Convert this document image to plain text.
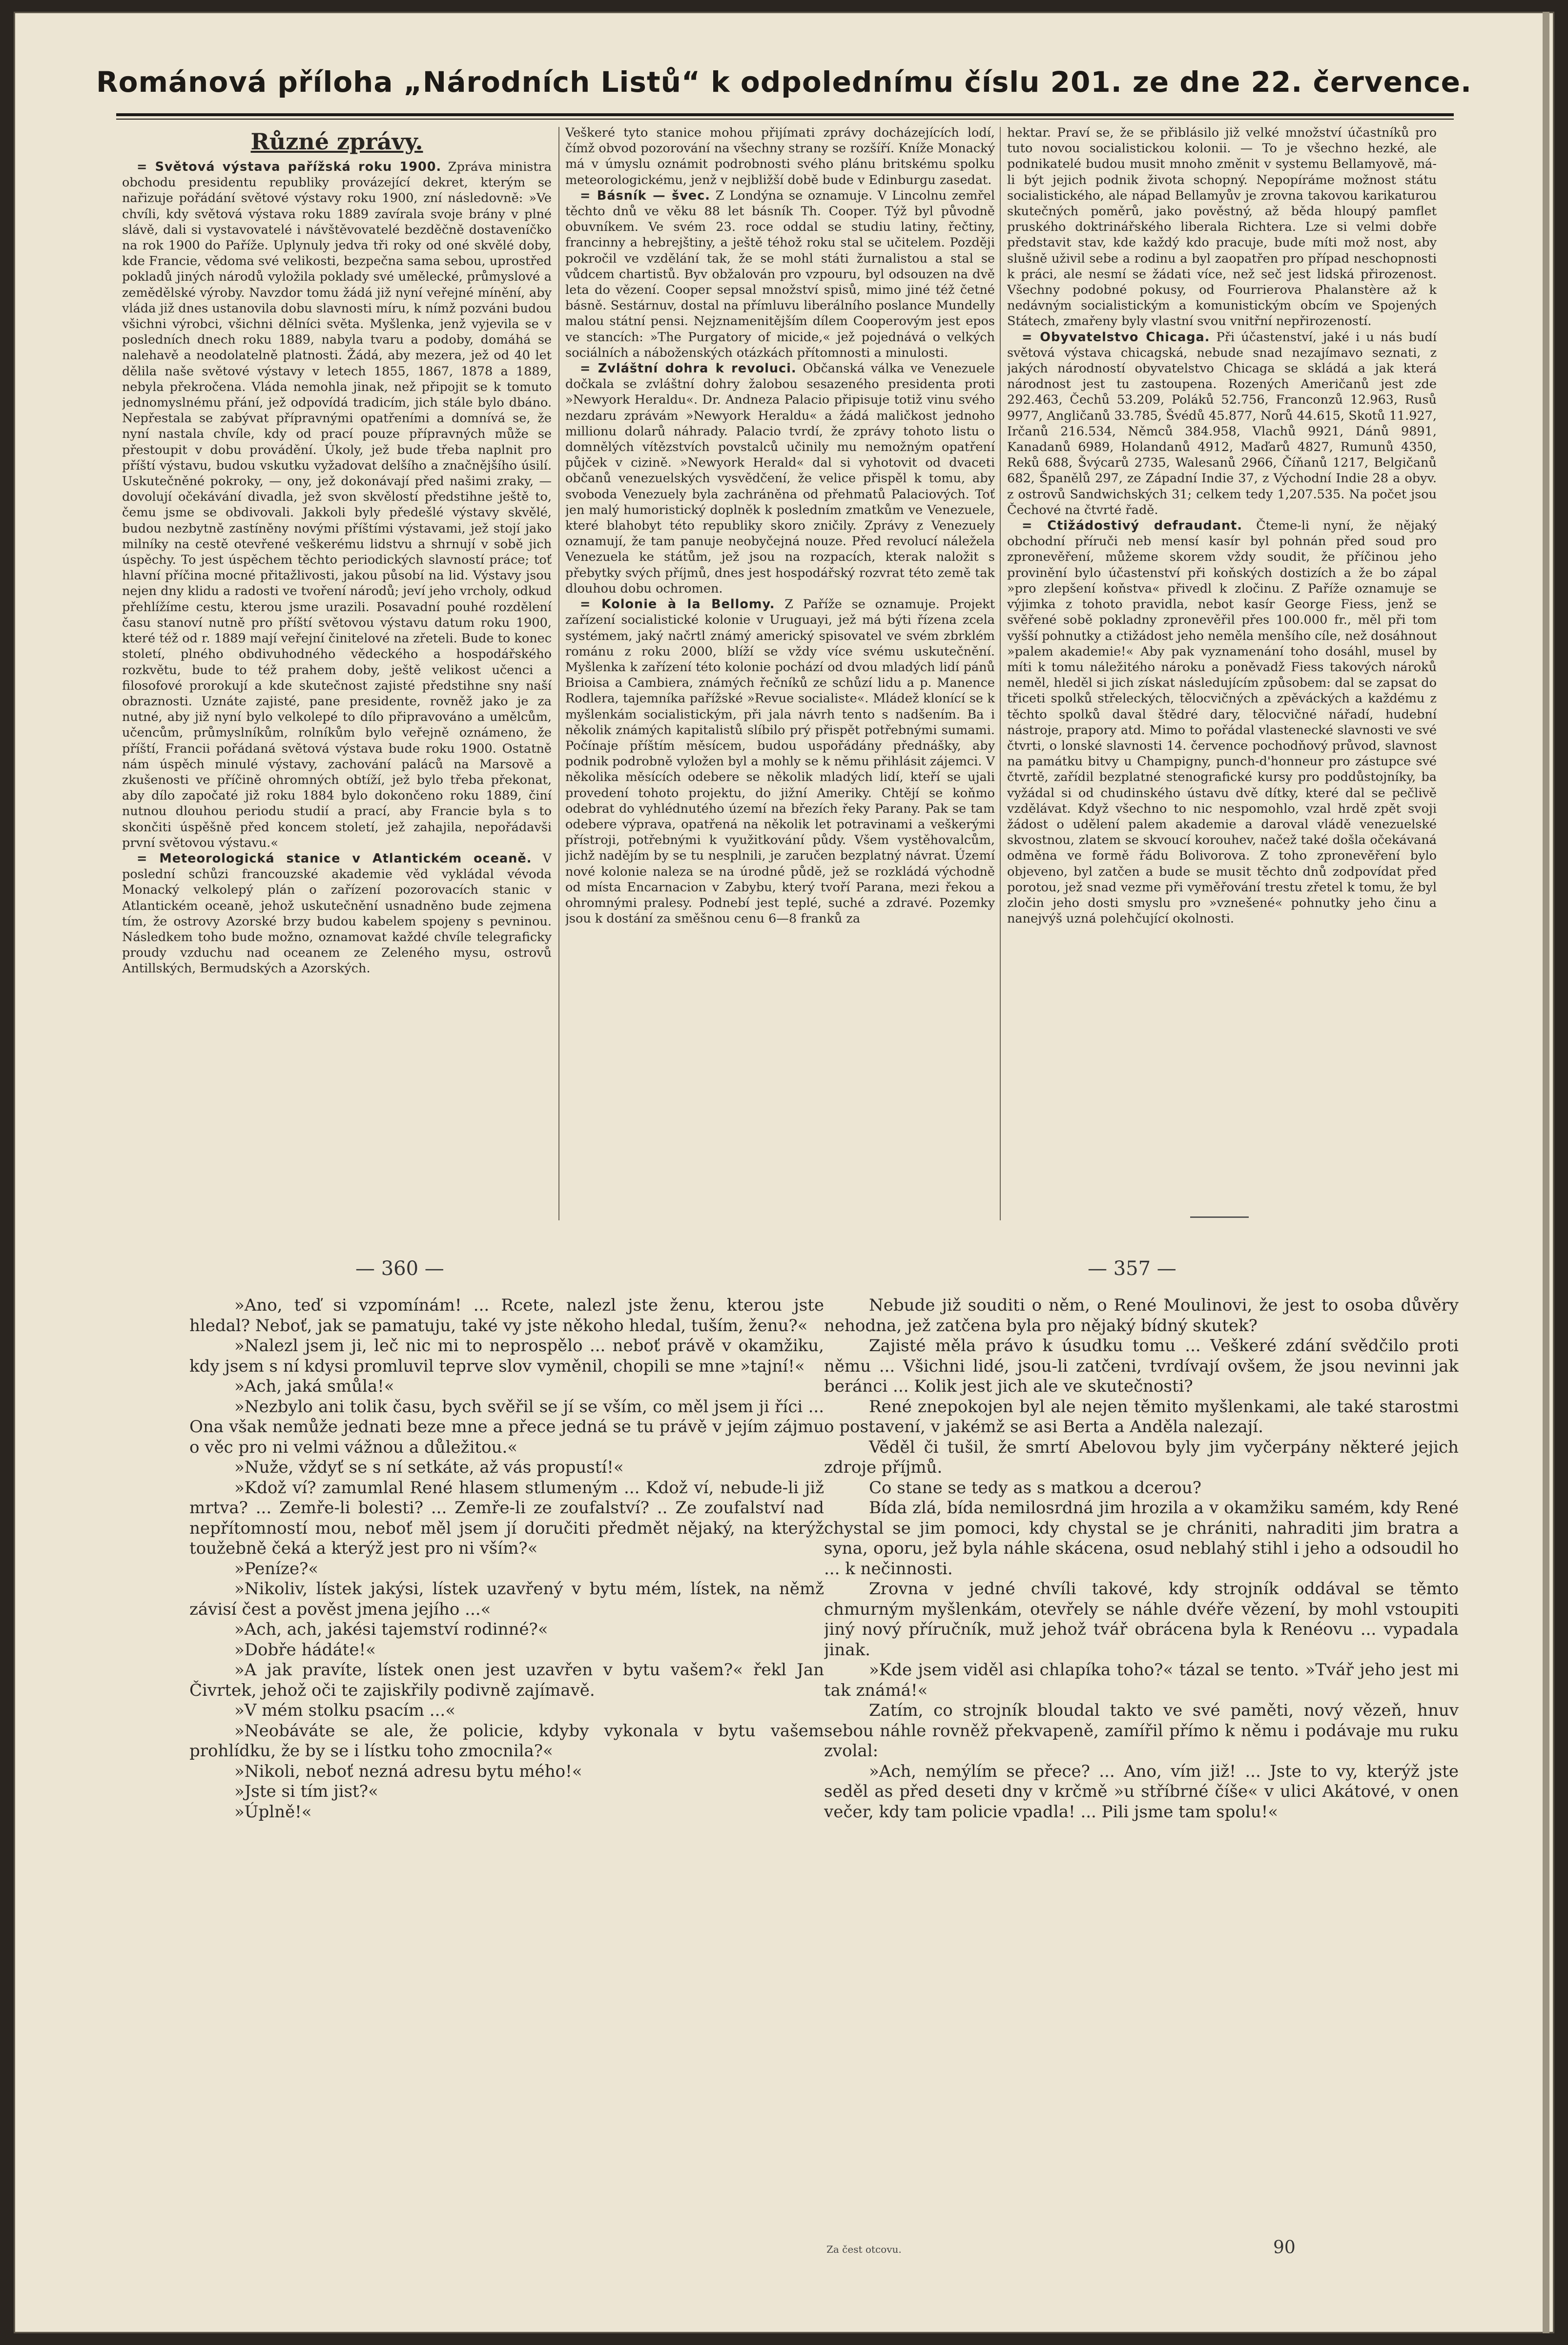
Románová příloha „Národních Listů“ k odpolednímu číslu 201. ze dne 22. července.
Různé zprávy.

= Světová výstava pařížská roku 1900. Zpráva ministra obchodu presidentu republiky provázející dekret, kterým se nařizuje pořádání světové výstavy roku 1900, zní následovně: »Ve chvíli, kdy světová výstava roku 1889 zavírala svoje brány v plné slávě, dali si vystavovatelé i návštěvovatelé bezděčně dostaveníčko na rok 1900 do Paříže. Uplynuly jedva tři roky od oné skvělé doby, kde Francie, vědoma své velikosti, bezpečna sama sebou, uprostřed pokladů jiných národů vyložila poklady své umělecké, průmyslové a zemědělské výroby. Navzdor tomu žádá již nyní veřejné mínění, aby vláda již dnes ustanovila dobu slavnosti míru, k nímž pozváni budou všichni výrobci, všichni dělníci světa. Myšlenka, jenž vyjevila se v posledních dnech roku 1889, nabyla tvaru a podoby, domáhá se nalehavě a neodolatelně platnosti. Žádá, aby mezera, jež od 40 let dělila naše světové výstavy v letech 1855, 1867, 1878 a 1889, nebyla překročena. Vláda nemohla jinak, než připojit se k tomuto jednomyslnému přání, jež odpovídá tradicím, jich stále bylo dbáno. Nepřestala se zabývat přípravnými opatřeními a domnívá se, že nyní nastala chvíle, kdy od prací pouze přípravných může se přestoupit v dobu provádění. Úkoly, jež bude třeba naplnit pro příští výstavu, budou vskutku vyžadovat delšího a značnějšího úsilí. Uskutečněné pokroky, — ony, jež dokonávají před našimi zraky, — dovolují očekávání divadla, jež svon skvělostí předstihne ještě to, čemu jsme se obdivovali. Jakkoli byly předešlé výstavy skvělé, budou nezbytně zastíněny novými příštími výstavami, jež stojí jako milníky na cestě otevřené veškerému lidstvu a shrnují v sobě jich úspěchy. To jest úspěchem těchto periodických slavností práce; toť hlavní příčina mocné přitažlivosti, jakou působí na lid. Výstavy jsou nejen dny klidu a radosti ve tvoření národů; jeví jeho vrcholy, odkud přehlížíme cestu, kterou jsme urazili. Posavadní pouhé rozdělení času stanoví nutně pro příští světovou výstavu datum roku 1900, které též od r. 1889 mají veřejní činitelové na zřeteli. Bude to konec století, plného obdivuhodného vědeckého a hospodářského rozkvětu, bude to též prahem doby, ještě velikost učenci a filosofové prorokují a kde skutečnost zajisté předstihne sny naší obraznosti. Uznáte zajisté, pane presidente, rovněž jako je za nutné, aby již nyní bylo velkolepé to dílo připravováno a umělcům, učencům, průmyslníkům, rolníkům bylo veřejně oznámeno, že příští, Francii pořádaná světová výstava bude roku 1900. Ostatně nám úspěch minulé výstavy, zachování paláců na Marsově a zkušenosti ve příčině ohromných obtíží, jež bylo třeba překonat, aby dílo započaté již roku 1884 bylo dokončeno roku 1889, činí nutnou dlouhou periodu studií a prací, aby Francie byla s to skončiti úspěšně před koncem století, jež zahajila, nepořádavši první světovou výstavu.«

= Meteorologická stanice v Atlantickém oceaně. V poslední schůzi francouzské akademie věd vykládal vévoda Monacký velkolepý plán o zařízení pozorovacích stanic v Atlantickém oceaně, jehož uskutečnění usnadněno bude zejmena tím, že ostrovy Azorské brzy budou kabelem spojeny s pevninou. Následkem toho bude možno, oznamovat každé chvíle telegraficky proudy vzduchu nad oceanem ze Zeleného mysu, ostrovů Antillských, Bermudských a Azorských.

Veškeré tyto stanice mohou přijímati zprávy docházejících lodí, čímž obvod pozorování na všechny strany se rozšíří. Kníže Monacký má v úmyslu oznámit podrobnosti svého plánu britskému spolku meteorologickému, jenž v nejbližší době bude v Edinburgu zasedat.

= Básník — švec. Z Londýna se oznamuje. V Lincolnu zemřel těchto dnů ve věku 88 let básník Th. Cooper. Týž byl původně obuvníkem. Ve svém 23. roce oddal se studiu latiny, řečtiny, francinny a hebrejštiny, a ještě téhož roku stal se učitelem. Později pokročil ve vzdělání tak, že se mohl státi žurnalistou a stal se vůdcem chartistů. Byv obžalován pro vzpouru, byl odsouzen na dvě leta do vězení. Cooper sepsal množství spisů, mimo jiné též četné básně. Sestárnuv, dostal na přímluvu liberálního poslance Mundelly malou státní pensi. Nejznamenitějším dílem Cooperovým jest epos ve stancích: »The Purgatory of micide,« jež pojednává o velkých sociálních a náboženských otázkách přítomnosti a minulosti.

= Zvláštní dohra k revoluci. Občanská válka ve Venezuele dočkala se zvláštní dohry žalobou sesazeného presidenta proti »Newyork Heraldu«. Dr. Andneza Palacio připisuje totiž vinu svého nezdaru zprávám »Newyork Heraldu« a žádá maličkost jednoho millionu dolarů náhrady. Palacio tvrdí, že zprávy tohoto listu o domnělých vítězstvích povstalců učinily mu nemožným opatření půjček v cizině. »Newyork Herald« dal si vyhotovit od dvaceti občanů venezuelských vysvědčení, že velice přispěl k tomu, aby svoboda Venezuely byla zachráněna od přehmatů Palaciových. Toť jen malý humoristický doplněk k posledním zmatkům ve Venezuele, které blahobyt této republiky skoro zničily. Zprávy z Venezuely oznamují, že tam panuje neobyčejná nouze. Před revolucí náležela Venezuela ke státům, jež jsou na rozpacích, kterak naložit s přebytky svých příjmů, dnes jest hospodářský rozvrat této země tak dlouhou dobu ochromen.

= Kolonie à la Bellomy. Z Paříže se oznamuje. Projekt zařízení socialistické kolonie v Uruguayi, jež má býti řízena zcela systémem, jaký načrtl známý americký spisovatel ve svém zbrklém románu z roku 2000, blíží se vždy více svému uskutečnění. Myšlenka k zařízení této kolonie pochází od dvou mladých lidí pánů Brioisa a Cambiera, známých řečníků ze schůzí lidu a p. Manence Rodlera, tajemníka pařížské »Revue socialiste«. Mládež klonící se k myšlenkám socialistickým, při jala návrh tento s nadšením. Ba i několik známých kapitalistů slíbilo prý přispět potřebnými sumami. Počínaje příštím měsícem, budou uspořádány přednášky, aby podnik podrobně vyložen byl a mohly se k němu přihlásit zájemci. V několika měsících odebere se několik mladých lidí, kteří se ujali provedení tohoto projektu, do jižní Ameriky. Chtějí se koňmo odebrat do vyhlédnutého území na březích řeky Parany. Pak se tam odebere výprava, opatřená na několik let potravinami a veškerými přístroji, potřebnými k využitkování půdy. Všem vystěhovalcům, jichž nadějím by se tu nesplnili, je zaručen bezplatný návrat. Území nové kolonie naleza se na úrodné půdě, jež se rozkládá východně od místa Encarnacion v Zabybu, který tvoří Parana, mezi řekou a ohromnými pralesy. Podnebí jest teplé, suché a zdravé. Pozemky jsou k dostání za směšnou cenu 6—8 franků za

hektar. Praví se, že se přiblásilo již velké množství účastníků pro tuto novou socialistickou kolonii. — To je všechno hezké, ale podnikatelé budou musit mnoho změnit v systemu Bellamyově, má-li být jejich podnik života schopný. Nepopíráme možnost státu socialistického, ale nápad Bellamyův je zrovna takovou karikaturou skutečných poměrů, jako pověstný, až běda hloupý pamflet pruského doktrinářského liberala Richtera. Lze si velmi dobře představit stav, kde každý kdo pracuje, bude míti mož nost, aby slušně uživil sebe a rodinu a byl zaopatřen pro případ neschopnosti k práci, ale nesmí se žádati více, než seč jest lidská přirozenost. Všechny podobné pokusy, od Fourrierova Phalanstère až k nedávným socialistickým a komunistickým obcím ve Spojených Státech, zmařeny byly vlastní svou vnitřní nepřirozeností.

= Obyvatelstvo Chicaga. Při účastenství, jaké i u nás budí světová výstava chicagská, nebude snad nezajímavo seznati, z jakých národností obyvatelstvo Chicaga se skládá a jak která národnost jest tu zastoupena. Rozených Američanů jest zde 292.463, Čechů 53.209, Poláků 52.756, Franconzů 12.963, Rusů 9977, Angličanů 33.785, Švédů 45.877, Norů 44.615, Skotů 11.927, Irčanů 216.534, Němců 384.958, Vlachů 9921, Dánů 9891, Kanadanů 6989, Holandanů 4912, Maďarů 4827, Rumunů 4350, Reků 688, Švýcarů 2735, Walesanů 2966, Číňanů 1217, Belgičanů 682, Španělů 297, ze Západní Indie 37, z Východní Indie 28 a obyv. z ostrovů Sandwichských 31; celkem tedy 1,207.535. Na počet jsou Čechové na čtvrté řadě.

= Ctižádostivý defraudant. Čteme-li nyní, že nějaký obchodní příruči neb mensí kasír byl pohnán před soud pro zpronevěření, můžeme skorem vždy soudit, že příčinou jeho provinění bylo účastenství při koňských dostizích a že bo zápal »pro zlepšení koňstva« přivedl k zločinu. Z Paříže oznamuje se výjimka z tohoto pravidla, nebot kasír George Fiess, jenž se svěřené sobě pokladny zpronevěřil přes 100.000 fr., měl při tom vyšší pohnutky a ctižádost jeho neměla menšího cíle, než dosáhnout »palem akademie!« Aby pak vyznamenání toho dosáhl, musel by míti k tomu náležitého nároku a poněvadž Fiess takových nároků neměl, hleděl si jich získat následujícím způsobem: dal se zapsat do třiceti spolků střeleckých, tělocvičných a zpěváckých a každému z těchto spolků daval štědré dary, tělocvičné nářadí, hudební nástroje, prapory atd. Mimo to pořádal vlastenecké slavnosti ve své čtvrti, o lonské slavnosti 14. července pochodňový průvod, slavnost na památku bitvy u Champigny, punch-d'honneur pro zástupce své čtvrtě, zařídil bezplatné stenografické kursy pro poddůstojníky, ba vyžádal si od chudinského ústavu dvě dítky, které dal se pečlivě vzdělávat. Když všechno to nic nespomohlo, vzal hrdě zpět svoji žádost o udělení palem akademie a daroval vládě venezuelské skvostnou, zlatem se skvoucí korouhev, načež také došla očekávaná odměna ve formě řádu Bolivorova. Z toho zpronevěření bylo objeveno, byl zatčen a bude se musit těchto dnů zodpovídat před porotou, jež snad vezme při vyměřování trestu zřetel k tomu, že byl zločin jeho dosti smyslu pro »vznešené« pohnutky jeho činu a nanejvýš uzná polehčující okolnosti.

— 360 —	— 357 —

»Ano, teď si vzpomínám! ... Rcete, nalezl jste ženu, kterou jste hledal? Neboť, jak se pamatuju, také vy jste někoho hledal, tuším, ženu?«

»Nalezl jsem ji, leč nic mi to neprospělo ... neboť právě v okamžiku, kdy jsem s ní kdysi promluvil teprve slov vyměnil, chopili se mne »tajní!«

»Ach, jaká smůla!«

»Nezbylo ani tolik času, bych svěřil se jí se vším, co měl jsem ji říci ... Ona však nemůže jednati beze mne a přece jedná se tu právě v jejím zájmu o věc pro ni velmi vážnou a důležitou.«

»Nuže, vždyť se s ní setkáte, až vás propustí!«

»Kdož ví? zamumlal René hlasem stlumeným ... Kdož ví, nebude-li již mrtva? ... Zemře-li bolesti? ... Zemře-li ze zoufalství? .. Ze zoufalství nad nepřítomností mou, neboť měl jsem jí doručiti předmět nějaký, na kterýž toužebně čeká a kterýž jest pro ni vším?«

»Peníze?«

»Nikoliv, lístek jakýsi, lístek uzavřený v bytu mém, lístek, na němž závisí čest a pověst jmena jejího ...«

»Ach, ach, jakési tajemství rodinné?«

»Dobře hádáte!«

»A jak pravíte, lístek onen jest uzavřen v bytu vašem?« řekl Jan Čivrtek, jehož oči te zajiskřily podivně zajímavě.

»V mém stolku psacím ...«

»Neobáváte se ale, že policie, kdyby vykonala v bytu vašem prohlídku, že by se i lístku toho zmocnila?«

»Nikoli, neboť nezná adresu bytu mého!«

»Jste si tím jist?«

»Úplně!«

Nebude již souditi o něm, o René Moulinovi, že jest to osoba důvěry nehodna, jež zatčena byla pro nějaký bídný skutek?

Zajisté měla právo k úsudku tomu ... Veškeré zdání svědčilo proti němu ... Všichni lidé, jsou-li zatčeni, tvrdívají ovšem, že jsou nevinni jak beránci ... Kolik jest jich ale ve skutečnosti?

René znepokojen byl ale nejen těmito myšlenkami, ale také starostmi o postavení, v jakémž se asi Berta a Anděla nalezají.

Věděl či tušil, že smrtí Abelovou byly jim vyčerpány některé jejich zdroje příjmů.

Co stane se tedy as s matkou a dcerou?

Bída zlá, bída nemilosrdná jim hrozila a v okamžiku samém, kdy René chystal se jim pomoci, kdy chystal se je chrániti, nahraditi jim bratra a syna, oporu, jež byla náhle skácena, osud neblahý stihl i jeho a odsoudil ho ... k nečinnosti.

Zrovna v jedné chvíli takové, kdy strojník oddával se těmto chmurným myšlenkám, otevřely se náhle dvéře vězení, by mohl vstoupiti jiný nový příručník, muž jehož tvář obrácena byla k Renéovu ... vypadala jinak.

»Kde jsem viděl asi chlapíka toho?« tázal se tento. »Tvář jeho jest mi tak známá!«

Zatím, co strojník bloudal takto ve své paměti, nový vězeň, hnuv sebou náhle rovněž překvapeně, zamířil přímo k němu i podávaje mu ruku zvolal:

»Ach, nemýlím se přece? ... Ano, vím již! ... Jste to vy, kterýž jste seděl as před deseti dny v krčmě »u stříbrné číše« v ulici Akátové, v onen večer, kdy tam policie vpadla! ... Pili jsme tam spolu!«

Za čest otcovu.	90
